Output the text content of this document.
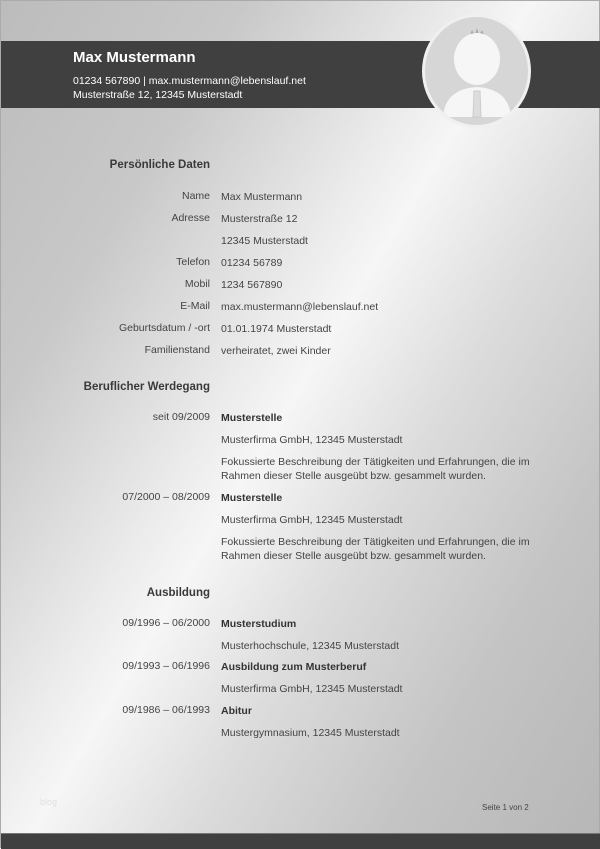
Max Mustermann
01234 567890 | max.mustermann@lebenslauf.net
Musterstraße 12, 12345 Musterstadt
Persönliche Daten
Name Max Mustermann
Adresse Musterstraße 12
12345 Musterstadt
Telefon 01234 56789
Mobil 1234 567890
E-Mail max.mustermann@lebenslauf.net
Geburtsdatum / -ort 01.01.1974 Musterstadt
Familienstand verheiratet, zwei Kinder
Beruflicher Werdegang
seit 09/2009 Musterstelle
Musterfirma GmbH, 12345 Musterstadt
Fokussierte Beschreibung der Tätigkeiten und Erfahrungen, die im Rahmen dieser Stelle ausgeübt bzw. gesammelt wurden.
07/2000 – 08/2009 Musterstelle
Musterfirma GmbH, 12345 Musterstadt
Fokussierte Beschreibung der Tätigkeiten und Erfahrungen, die im Rahmen dieser Stelle ausgeübt bzw. gesammelt wurden.
Ausbildung
09/1996 – 06/2000 Musterstudium
Musterhochschule, 12345 Musterstadt
09/1993 – 06/1996 Ausbildung zum Musterberuf
Musterfirma GmbH, 12345 Musterstadt
09/1986 – 06/1993 Abitur
Mustergymnasium, 12345 Musterstadt
blog
Seite 1 von 2
